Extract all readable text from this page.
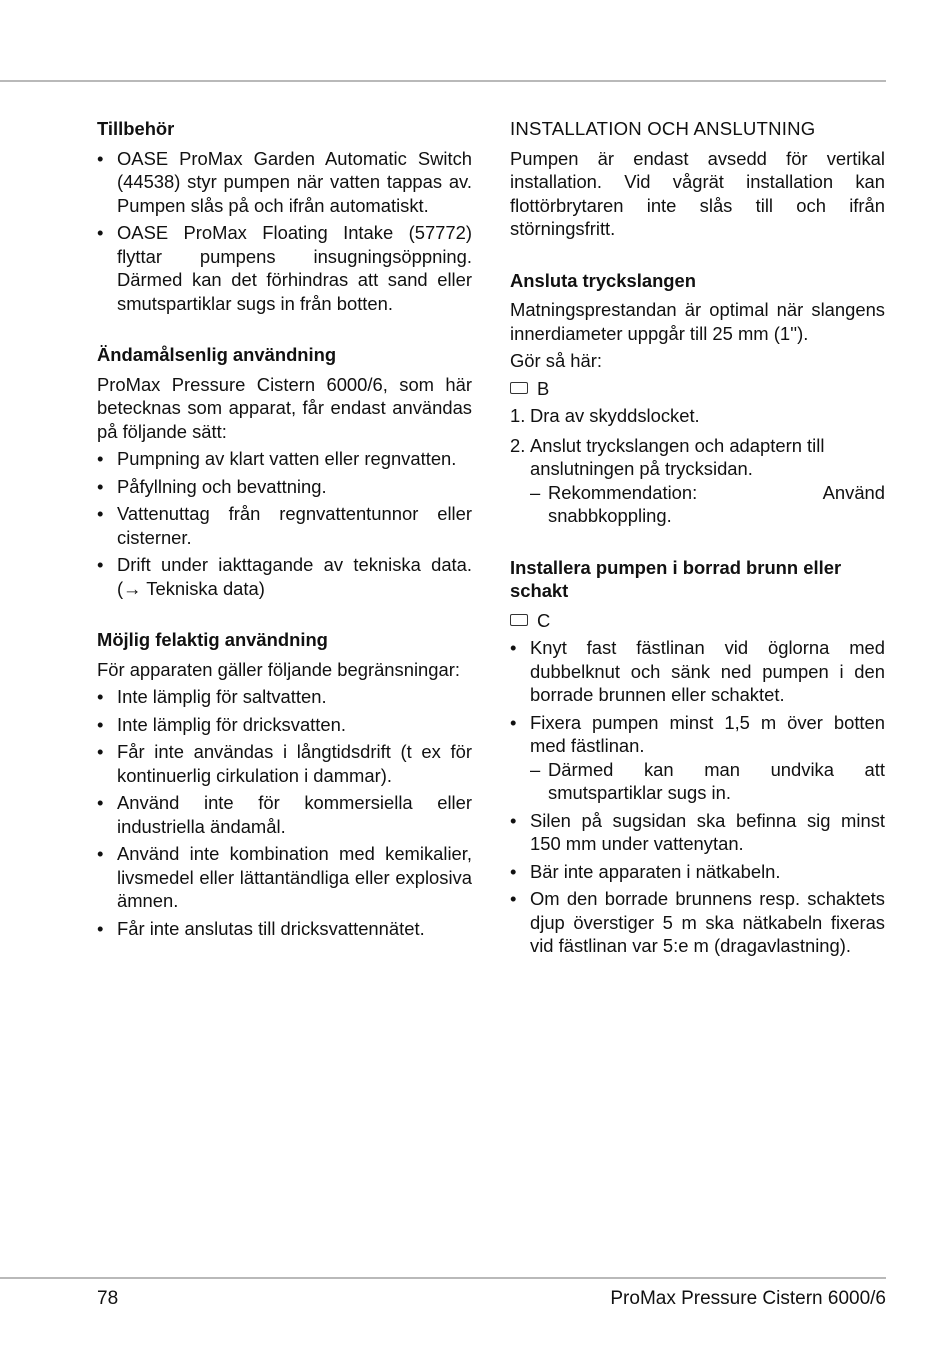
Tillbehör
• OASE ProMax Garden Automatic Switch (44538) styr pumpen när vatten tappas av. Pumpen slås på och ifrån automatiskt.
• OASE ProMax Floating Intake (57772) flyttar pumpens insugningsöppning. Därmed kan det förhindras att sand eller smutspartiklar sugs in från botten.
Ändamålsenlig användning

ProMax Pressure Cistern 6000/6, som här betecknas som apparat, får endast användas på följande sätt:

• Pumpning av klart vatten eller regnvatten.
• Påfyllning och bevattning.
• Vattenuttag från regnvattentunnor eller cisterner.
• Drift under iakttagande av tekniska data. (→ Tekniska data)
Möjlig felaktig användning

För apparaten gäller följande begränsningar:

• Inte lämplig för saltvatten.
• Inte lämplig för dricksvatten.
• Får inte användas i långtidsdrift (t ex för kontinuerlig cirkulation i dammar).
• Använd inte för kommersiella eller industriella ändamål.
• Använd inte kombination med kemikalier, livsmedel eller lättantändliga eller explosiva ämnen.
• Får inte anslutas till dricksvattennätet.
INSTALLATION OCH ANSLUTNING

Pumpen är endast avsedd för vertikal installation. Vid vågrät installation kan flottörbrytaren inte slås till och ifrån störningsfritt.

Ansluta tryckslangen

Matningsprestandan är optimal när slangens innerdiameter uppgår till 25 mm (1'').

Gör så här:

B
1. Dra av skyddslocket.
2. Anslut tryckslangen och adaptern till anslutningen på trycksidan.
– Rekommendation:	Använd
snabbkoppling.
Installera pumpen i borrad brunn eller schakt
C
• Knyt fast fästlinan vid öglorna med dubbelknut och sänk ned pumpen i den borrade brunnen eller schaktet.
• Fixera pumpen minst 1,5 m över botten med fästlinan.
– Därmed kan man undvika att smutspartiklar sugs in.
• Silen på sugsidan ska befinna sig minst 150 mm under vattenytan.
• Bär inte apparaten i nätkabeln.
• Om den borrade brunnens resp. schaktets djup överstiger 5 m ska nätkabeln fixeras vid fästlinan var 5:e m (dragavlastning).
78	ProMax Pressure Cistern 6000/6
